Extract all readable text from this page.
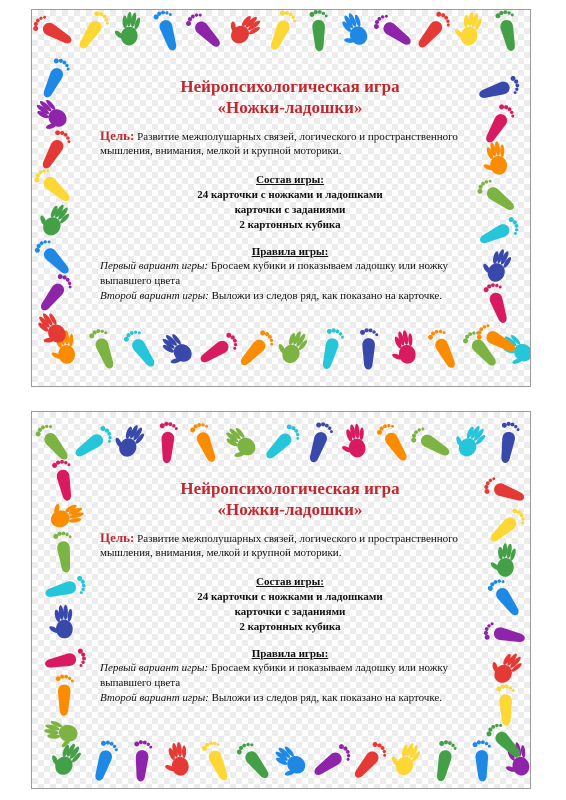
Нейропсихологическая игра
«Ножки-ладошки»
Цель: Развитие межполушарных связей, логического и пространственного мышления, внимания, мелкой и крупной моторики.
Состав игры:
24 карточки с ножками и ладошками
карточки с заданиями
2 картонных кубика
Правила игры:

Первый вариант игры: Бросаем кубики и показываем ладошку или ножку выпавшего цвета

Второй вариант игры: Выложи из следов ряд, как показано на карточке.

Нейропсихологическая игра
«Ножки-ладошки»
Цель: Развитие межполушарных связей, логического и пространственного мышления, внимания, мелкой и крупной моторики.
Состав игры:
24 карточки с ножками и ладошками
карточки с заданиями
2 картонных кубика
Правила игры:

Первый вариант игры: Бросаем кубики и показываем ладошку или ножку выпавшего цвета

Второй вариант игры: Выложи из следов ряд, как показано на карточке.
